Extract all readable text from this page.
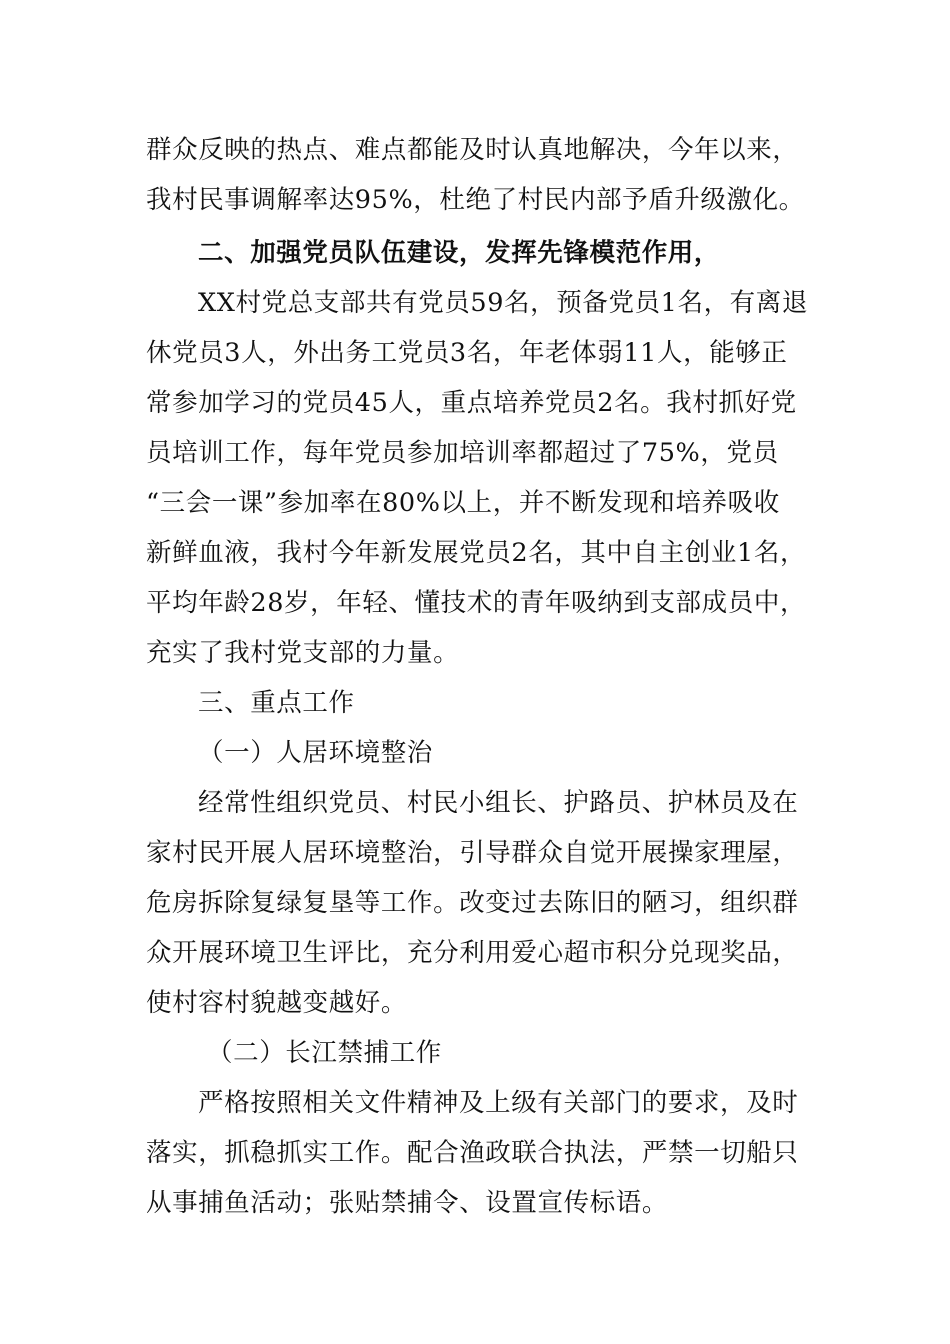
群众反映的热点、难点都能及时认真地解决，今年以来，
我村民事调解率达95%，杜绝了村民内部予盾升级激化。
二、加强党员队伍建设，发挥先锋模范作用，
XX村党总支部共有党员59名，预备党员1名，有离退
休党员3人，外出务工党员3名，年老体弱11人，能够正
常参加学习的党员45人，重点培养党员2名。我村抓好党
员培训工作，每年党员参加培训率都超过了75%，党员
“三会一课”参加率在80%以上，并不断发现和培养吸收
新鲜血液，我村今年新发展党员2名，其中自主创业1名，
平均年龄28岁，年轻、懂技术的青年吸纳到支部成员中，
充实了我村党支部的力量。
三、重点工作
（一）人居环境整治
经常性组织党员、村民小组长、护路员、护林员及在
家村民开展人居环境整治，引导群众自觉开展操家理屋，
危房拆除复绿复垦等工作。改变过去陈旧的陋习，组织群
众开展环境卫生评比，充分利用爱心超市积分兑现奖品，
使村容村貌越变越好。
（二）长江禁捕工作
严格按照相关文件精神及上级有关部门的要求，及时
落实，抓稳抓实工作。配合渔政联合执法，严禁一切船只
从事捕鱼活动；张贴禁捕令、设置宣传标语。
